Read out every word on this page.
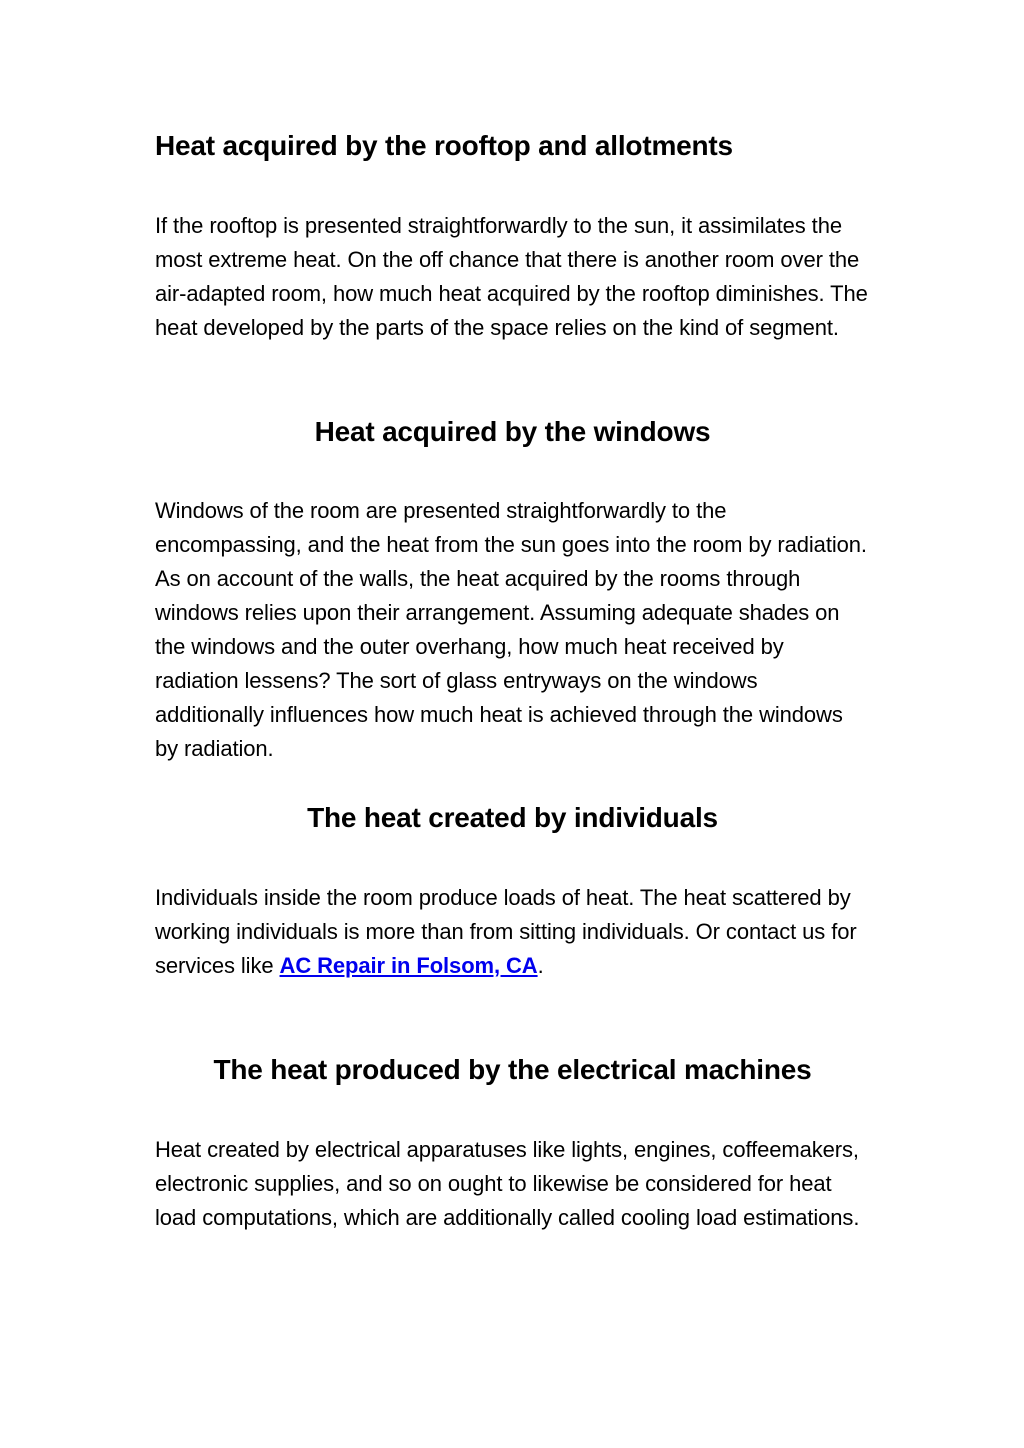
Heat acquired by the rooftop and allotments

If the rooftop is presented straightforwardly to the sun, it assimilates the most extreme heat. On the off chance that there is another room over the air-adapted room, how much heat acquired by the rooftop diminishes. The heat developed by the parts of the space relies on the kind of segment.

Heat acquired by the windows

Windows of the room are presented straightforwardly to the encompassing, and the heat from the sun goes into the room by radiation. As on account of the walls, the heat acquired by the rooms through windows relies upon their arrangement. Assuming adequate shades on the windows and the outer overhang, how much heat received by radiation lessens? The sort of glass entryways on the windows additionally influences how much heat is achieved through the windows by radiation.

The heat created by individuals

Individuals inside the room produce loads of heat. The heat scattered by working individuals is more than from sitting individuals. Or contact us for services like AC Repair in Folsom, CA.

The heat produced by the electrical machines

Heat created by electrical apparatuses like lights, engines, coffeemakers, electronic supplies, and so on ought to likewise be considered for heat load computations, which are additionally called cooling load estimations.
